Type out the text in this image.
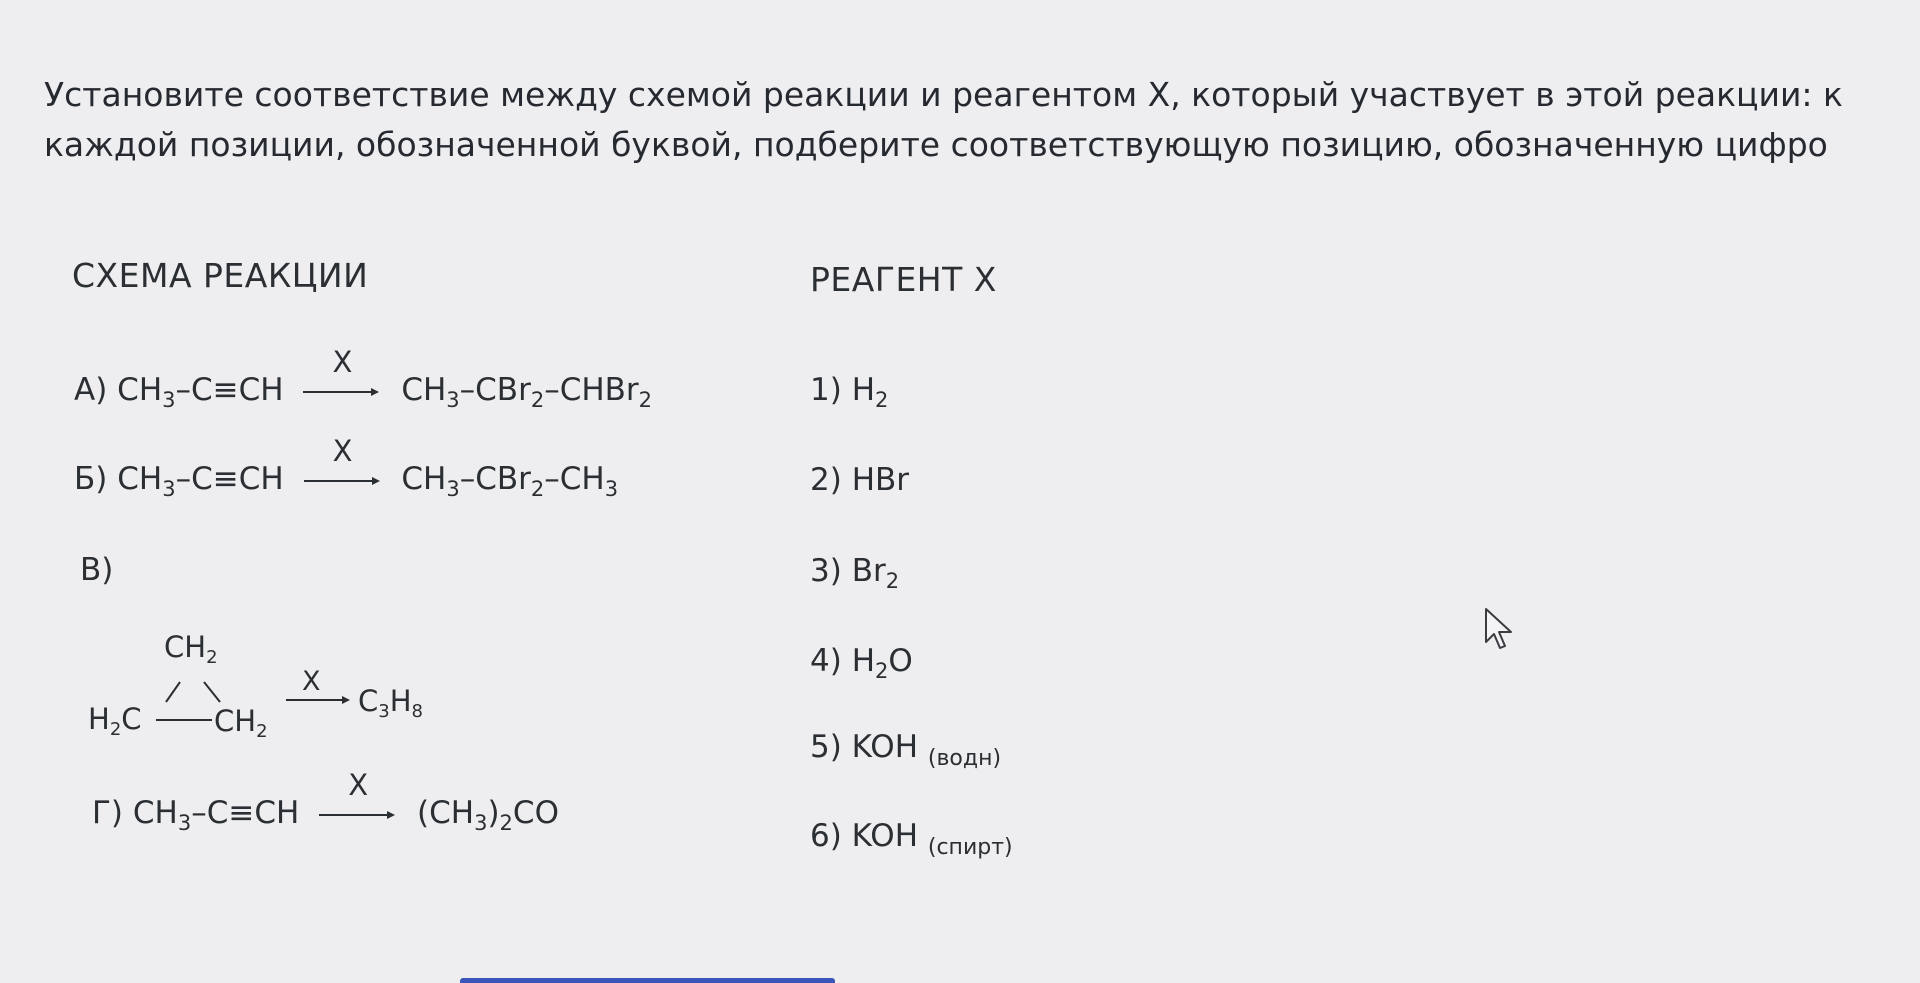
Установите соответствие между схемой реакции и реагентом X, который участвует в этой реакции: к
каждой позиции, обозначенной буквой, подберите соответствующую позицию, обозначенную цифро
СХЕМА РЕАКЦИИ	РЕАГЕНТ X
А) $CH_3-C\equiv CH$
X
$CH_3-CBr_2-CHBr_2$
Б) $CH_3-C\equiv CH$
X
$CH_3-CBr_2-CH_3$
В)
$CH_2$
$H_2C$ $CH_2$
X
$C_3H_8$
Г) $CH_3-C\equiv CH$
X
$(CH_3)_2CO$
1) $H_2$
2) HBr
3) $Br_2$
4) $H_2O$
5) KOH $_{(водн)}$
6) KOH $_{(спирт)}$
